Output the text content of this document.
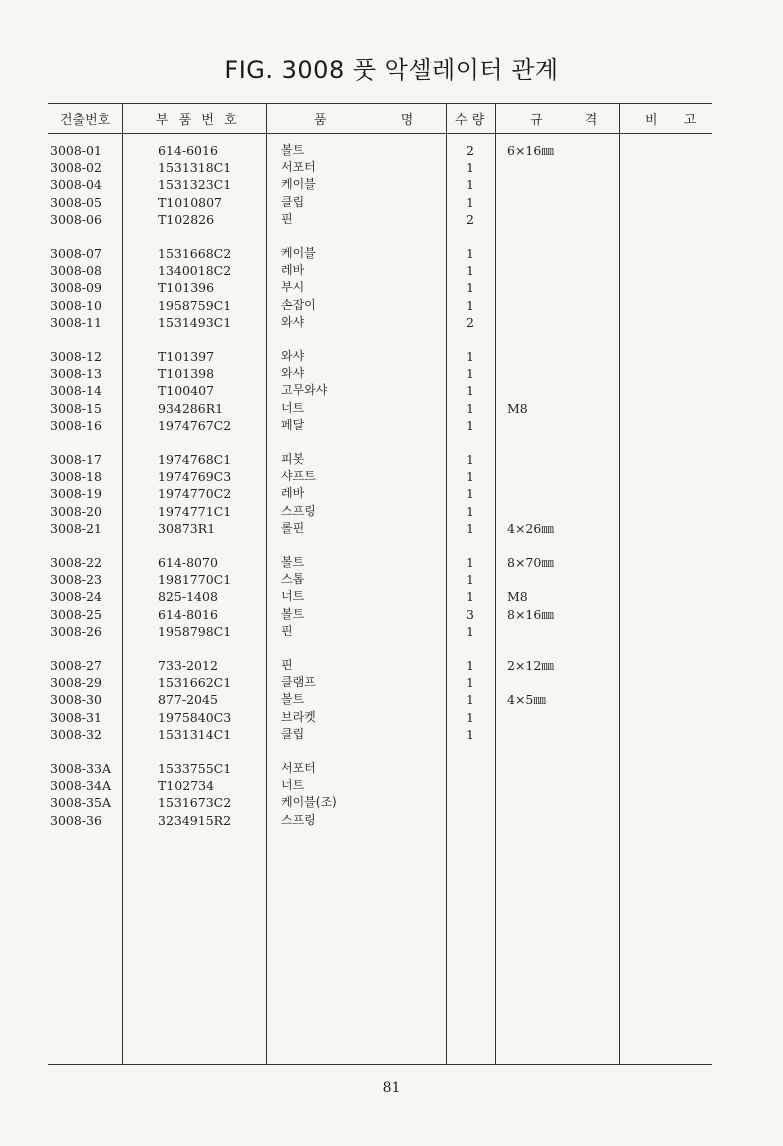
FIG. 3008 풋 악셀레이터 관계
건출번호	부 품 번 호	품 명	수 량	규 격	비 고
3008-01	614-6016	볼트	2	6×16㎜
3008-02	1531318C1	서포터	1
3008-04	1531323C1	케이블	1
3008-05	T1010807	클립	1
3008-06	T102826	핀	2
3008-07	1531668C2	케이블	1
3008-08	1340018C2	레바	1
3008-09	T101396	부시	1
3008-10	1958759C1	손잡이	1
3008-11	1531493C1	와샤	2
3008-12	T101397	와샤	1
3008-13	T101398	와샤	1
3008-14	T100407	고무와샤	1
3008-15	934286R1	너트	1	M8
3008-16	1974767C2	페달	1
3008-17	1974768C1	피봇	1
3008-18	1974769C3	샤프트	1
3008-19	1974770C2	레바	1
3008-20	1974771C1	스프링	1
3008-21	30873R1	롤핀	1	4×26㎜
3008-22	614-8070	볼트	1	8×70㎜
3008-23	1981770C1	스톱	1
3008-24	825-1408	너트	1	M8
3008-25	614-8016	볼트	3	8×16㎜
3008-26	1958798C1	핀	1
3008-27	733-2012	핀	1	2×12㎜
3008-29	1531662C1	클램프	1
3008-30	877-2045	볼트	1	4×5㎜
3008-31	1975840C3	브라켓	1
3008-32	1531314C1	클립	1
3008-33A	1533755C1	서포터
3008-34A	T102734	너트
3008-35A	1531673C2	케이블(조)
3008-36	3234915R2	스프링
81
